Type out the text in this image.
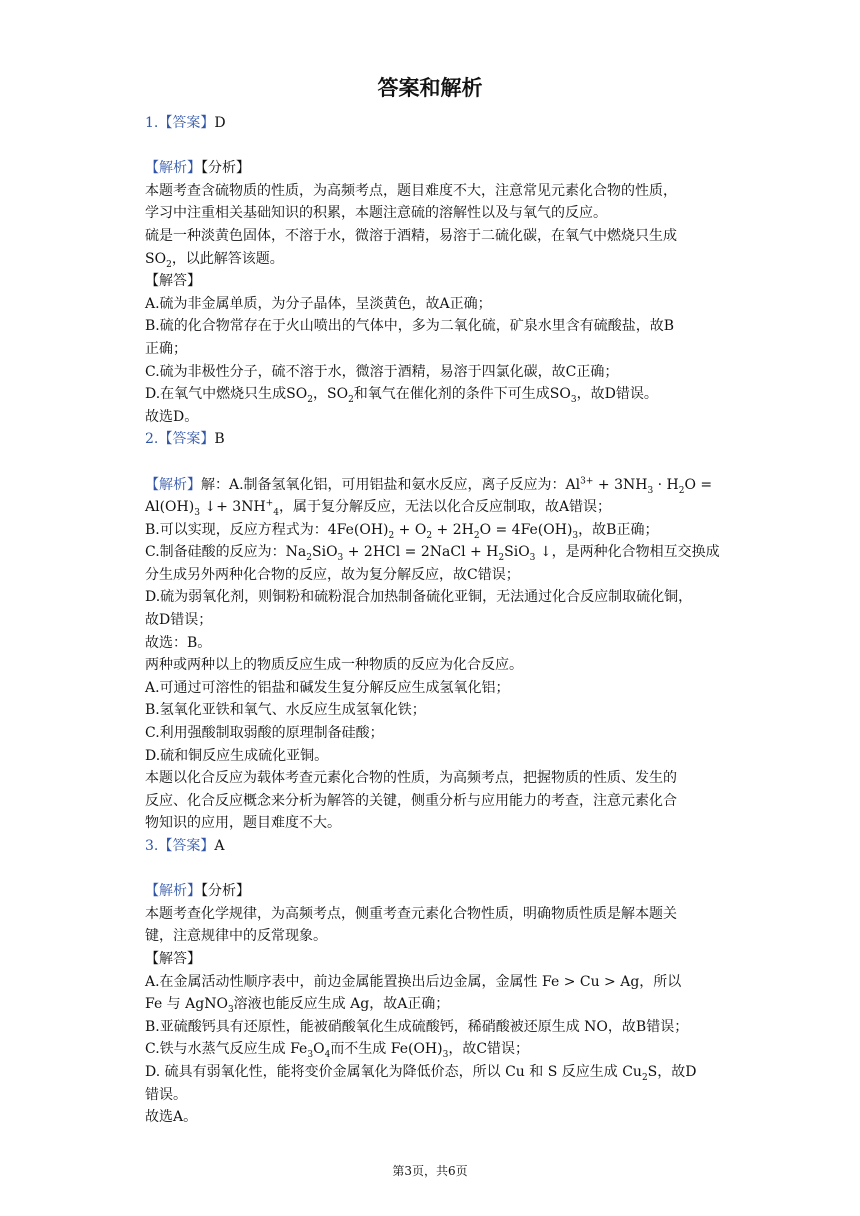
答案和解析
1.【答案】D
【解析】【分析】
本题考查含硫物质的性质，为高频考点，题目难度不大，注意常见元素化合物的性质，
学习中注重相关基础知识的积累，本题注意硫的溶解性以及与氧气的反应。
硫是一种淡黄色固体，不溶于水，微溶于酒精，易溶于二硫化碳，在氧气中燃烧只生成
$SO_2$，以此解答该题。
【解答】
A.硫为非金属单质，为分子晶体，呈淡黄色，故A正确；
B.硫的化合物常存在于火山喷出的气体中，多为二氧化硫，矿泉水里含有硫酸盐，故B
正确；
C.硫为非极性分子，硫不溶于水，微溶于酒精，易溶于四氯化碳，故C正确；
D.在氧气中燃烧只生成$SO_2$，$SO_2$和氧气在催化剂的条件下可生成$SO_3$，故D错误。
故选D。
2.【答案】B
【解析】解：A.制备氢氧化铝，可用铝盐和氨水反应，离子反应为：$Al^{3+} + 3NH_3 \cdot H_2O$ =
$Al(OH)_3$ ↓+ $3NH^+_4$，属于复分解反应，无法以化合反应制取，故A错误；
B.可以实现，反应方程式为：$4Fe(OH)_2 + O_2 + 2H_2O = 4Fe(OH)_3$，故B正确；
C.制备硅酸的反应为：$Na_2SiO_3 + 2HCl$ = 2NaCl + $H_2SiO_3$ ↓，是两种化合物相互交换成
分生成另外两种化合物的反应，故为复分解反应，故C错误；
D.硫为弱氧化剂，则铜粉和硫粉混合加热制备硫化亚铜，无法通过化合反应制取硫化铜，
故D错误；
故选：B。
两种或两种以上的物质反应生成一种物质的反应为化合反应。
A.可通过可溶性的铝盐和碱发生复分解反应生成氢氧化铝；
B.氢氧化亚铁和氧气、水反应生成氢氧化铁；
C.利用强酸制取弱酸的原理制备硅酸；
D.硫和铜反应生成硫化亚铜。
本题以化合反应为载体考查元素化合物的性质，为高频考点，把握物质的性质、发生的
反应、化合反应概念来分析为解答的关键，侧重分析与应用能力的考查，注意元素化合
物知识的应用，题目难度不大。
3.【答案】A
【解析】【分析】
本题考查化学规律，为高频考点，侧重考查元素化合物性质，明确物质性质是解本题关
键，注意规律中的反常现象。
【解答】
A.在金属活动性顺序表中，前边金属能置换出后边金属，金属性 Fe > Cu > Ag，所以
Fe 与 AgNO$_3$溶液也能反应生成 Ag，故A正确；
B.亚硫酸钙具有还原性，能被硝酸氧化生成硫酸钙，稀硝酸被还原生成 NO，故B错误；
C.铁与水蒸气反应生成 $Fe_3O_4$而不生成 $Fe(OH)_3$，故C错误；
D. 硫具有弱氧化性，能将变价金属氧化为降低价态，所以 Cu 和 S 反应生成 $Cu_2S$，故D
错误。
故选A。
第3页，共6页
